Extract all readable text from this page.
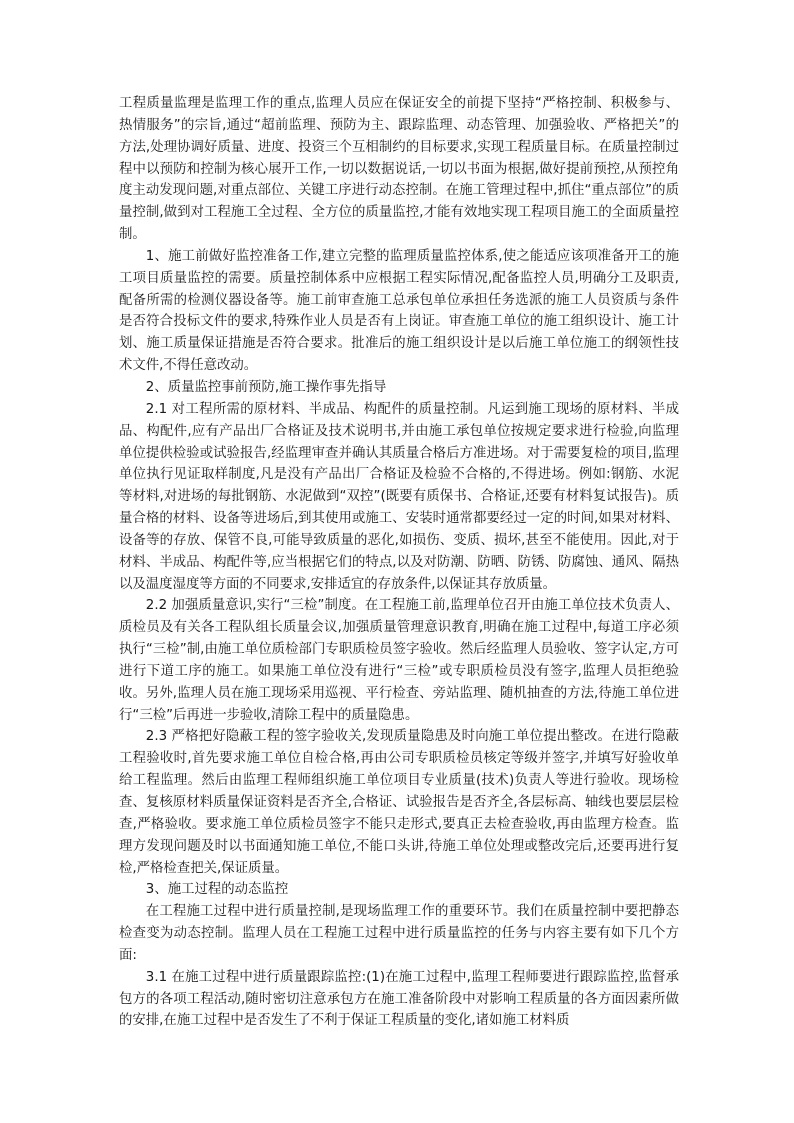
工程质量监理是监理工作的重点,监理人员应在保证安全的前提下坚持“严格控制、积极参与、热情服务”的宗旨,通过“超前监理、预防为主、跟踪监理、动态管理、加强验收、严格把关”的方法,处理协调好质量、进度、投资三个互相制约的目标要求,实现工程质量目标。在质量控制过程中以预防和控制为核心展开工作,一切以数据说话,一切以书面为根据,做好提前预控,从预控角度主动发现问题,对重点部位、关键工序进行动态控制。在施工管理过程中,抓住“重点部位”的质量控制,做到对工程施工全过程、全方位的质量监控,才能有效地实现工程项目施工的全面质量控制。

1、施工前做好监控准备工作,建立完整的监理质量监控体系,使之能适应该项准备开工的施工项目质量监控的需要。质量控制体系中应根据工程实际情况,配备监控人员,明确分工及职责,配备所需的检测仪器设备等。施工前审查施工总承包单位承担任务选派的施工人员资质与条件是否符合投标文件的要求,特殊作业人员是否有上岗证。审查施工单位的施工组织设计、施工计划、施工质量保证措施是否符合要求。批准后的施工组织设计是以后施工单位施工的纲领性技术文件,不得任意改动。

2、质量监控事前预防,施工操作事先指导

2.1 对工程所需的原材料、半成品、构配件的质量控制。凡运到施工现场的原材料、半成品、构配件,应有产品出厂合格证及技术说明书,并由施工承包单位按规定要求进行检验,向监理单位提供检验或试验报告,经监理审查并确认其质量合格后方准进场。对于需要复检的项目,监理单位执行见证取样制度,凡是没有产品出厂合格证及检验不合格的,不得进场。例如:钢筋、水泥等材料,对进场的每批钢筋、水泥做到“双控”(既要有质保书、合格证,还要有材料复试报告)。质量合格的材料、设备等进场后,到其使用或施工、安装时通常都要经过一定的时间,如果对材料、设备等的存放、保管不良,可能导致质量的恶化,如损伤、变质、损坏,甚至不能使用。因此,对于材料、半成品、构配件等,应当根据它们的特点,以及对防潮、防晒、防锈、防腐蚀、通风、隔热以及温度湿度等方面的不同要求,安排适宜的存放条件,以保证其存放质量。

2.2 加强质量意识,实行“三检”制度。在工程施工前,监理单位召开由施工单位技术负责人、质检员及有关各工程队组长质量会议,加强质量管理意识教育,明确在施工过程中,每道工序必须执行“三检”制,由施工单位质检部门专职质检员签字验收。然后经监理人员验收、签字认定,方可进行下道工序的施工。如果施工单位没有进行“三检”或专职质检员没有签字,监理人员拒绝验收。另外,监理人员在施工现场采用巡视、平行检查、旁站监理、随机抽查的方法,待施工单位进行“三检”后再进一步验收,清除工程中的质量隐患。

2.3 严格把好隐蔽工程的签字验收关,发现质量隐患及时向施工单位提出整改。在进行隐蔽工程验收时,首先要求施工单位自检合格,再由公司专职质检员核定等级并签字,并填写好验收单给工程监理。然后由监理工程师组织施工单位项目专业质量(技术)负责人等进行验收。现场检查、复核原材料质量保证资料是否齐全,合格证、试验报告是否齐全,各层标高、轴线也要层层检查,严格验收。要求施工单位质检员签字不能只走形式,要真正去检查验收,再由监理方检查。监理方发现问题及时以书面通知施工单位,不能口头讲,待施工单位处理或整改完后,还要再进行复检,严格检查把关,保证质量。

3、施工过程的动态监控

在工程施工过程中进行质量控制,是现场监理工作的重要环节。我们在质量控制中要把静态检查变为动态控制。监理人员在工程施工过程中进行质量监控的任务与内容主要有如下几个方面:

3.1 在施工过程中进行质量跟踪监控:(1)在施工过程中,监理工程师要进行跟踪监控,监督承包方的各项工程活动,随时密切注意承包方在施工准备阶段中对影响工程质量的各方面因素所做的安排,在施工过程中是否发生了不利于保证工程质量的变化,诸如施工材料质
